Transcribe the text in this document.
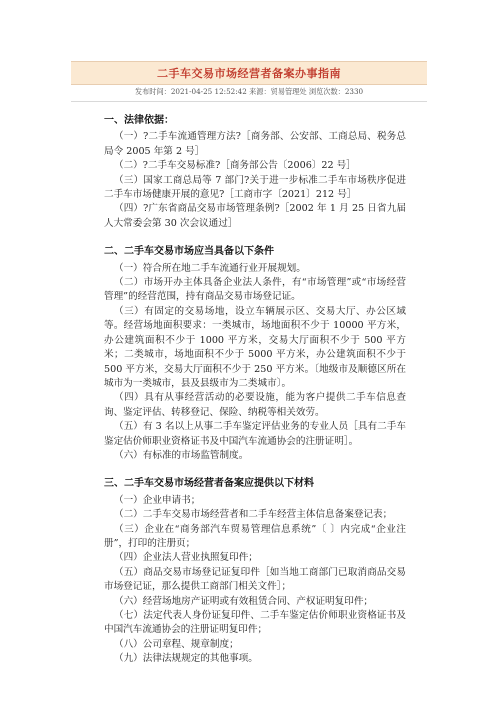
二手车交易市场经营者备案办事指南
发布时间：2021-04-25 12:52:42 来源：贸易管理处 浏览次数：2330
一、法律依据：

（一）?二手车流通管理方法?［商务部、公安部、工商总局、税务总局令 2005 年第 2 号］

（二）?二手车交易标准?［商务部公告〔2006〕22 号］

（三）国家工商总局等 7 部门?关于进一步标准二手车市场秩序促进二手车市场健康开展的意见?［工商市字〔2021〕212 号］

（四）?广东省商品交易市场管理条例?［2002 年 1 月 25 日省九届人大常委会第 30 次会议通过］

二、二手车交易市场应当具备以下条件

（一）符合所在地二手车流通行业开展规划。

（二）市场开办主体具备企业法人条件，有“市场管理”或“市场经营管理”的经营范围，持有商品交易市场登记证。

（三）有固定的交易场地，设立车辆展示区、交易大厅、办公区域等。经营场地面积要求：一类城市，场地面积不少于 10000 平方米，办公建筑面积不少于 1000 平方米，交易大厅面积不少于 500 平方米；二类城市，场地面积不少于 5000 平方米，办公建筑面积不少于 500 平方米，交易大厅面积不少于 250 平方米。〔地级市及顺德区所在城市为一类城市，县及县级市为二类城市〕。

（四）具有从事经营活动的必要设施，能为客户提供二手车信息查询、鉴定评估、转移登记、保险、纳税等相关效劳。

（五）有 3 名以上从事二手车鉴定评估业务的专业人员［具有二手车鉴定估价师职业资格证书及中国汽车流通协会的注册证明］。

（六）有标准的市场监管制度。

三、二手车交易市场经营者备案应提供以下材料

（一）企业申请书；

（二）二手车交易市场经营者和二手车经营主体信息备案登记表；

（三）企业在“商务部汽车贸易管理信息系统”〔 〕内完成“企业注册”，打印的注册页；

（四）企业法人营业执照复印件；

（五）商品交易市场登记证复印件［如当地工商部门已取消商品交易市场登记证，那么提供工商部门相关文件］；

（六）经营场地房产证明或有效租赁合同、产权证明复印件；

（七）法定代表人身份证复印件、二手车鉴定估价师职业资格证书及中国汽车流通协会的注册证明复印件；

（八）公司章程、规章制度；

（九）法律法规规定的其他事项。
